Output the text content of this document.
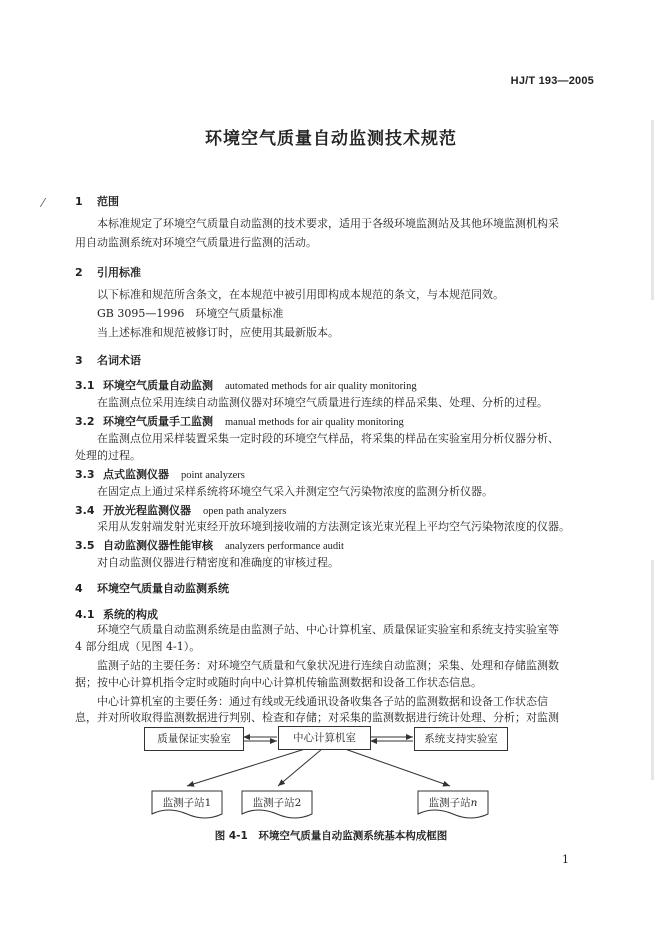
HJ/T 193—2005
环境空气质量自动监测技术规范
⁄	1 范围
本标准规定了环境空气质量自动监测的技术要求，适用于各级环境监测站及其他环境监测机构采
用自动监测系统对环境空气质量进行监测的活动。
2 引用标准
以下标准和规范所含条文，在本规范中被引用即构成本规范的条文，与本规范同效。
GB 3095—1996　环境空气质量标准
当上述标准和规范被修订时，应使用其最新版本。
3 名词术语
3.1 环境空气质量自动监测 automated methods for air quality monitoring
在监测点位采用连续自动监测仪器对环境空气质量进行连续的样品采集、处理、分析的过程。
3.2 环境空气质量手工监测 manual methods for air quality monitoring
在监测点位用采样装置采集一定时段的环境空气样品，将采集的样品在实验室用分析仪器分析、
处理的过程。
3.3 点式监测仪器 point analyzers
在固定点上通过采样系统将环境空气采入并测定空气污染物浓度的监测分析仪器。
3.4 开放光程监测仪器 open path analyzers
采用从发射端发射光束经开放环境到接收端的方法测定该光束光程上平均空气污染物浓度的仪器。
3.5 自动监测仪器性能审核 analyzers performance audit
对自动监测仪器进行精密度和准确度的审核过程。
4 环境空气质量自动监测系统
4.1 系统的构成
环境空气质量自动监测系统是由监测子站、中心计算机室、质量保证实验室和系统支持实验室等
4 部分组成（见图 4-1）。
监测子站的主要任务：对环境空气质量和气象状况进行连续自动监测；采集、处理和存储监测数
据；按中心计算机指令定时或随时向中心计算机传输监测数据和设备工作状态信息。
中心计算机室的主要任务：通过有线或无线通讯设备收集各子站的监测数据和设备工作状态信
息，并对所收取得监测数据进行判别、检查和存储；对采集的监测数据进行统计处理、分析；对监测
质量保证实验室	中心计算机室	系统支持实验室
监测子站1	监测子站2	监测子站n
图 4-1　环境空气质量自动监测系统基本构成框图
1
